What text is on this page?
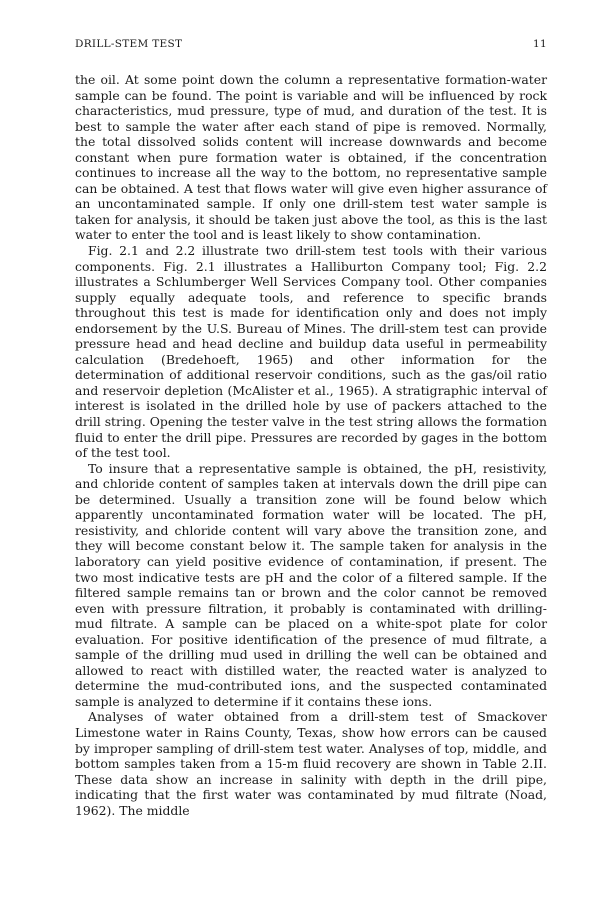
DRILL-STEM TEST	11

the oil. At some point down the column a representative formation-water sample can be found. The point is variable and will be influenced by rock characteristics, mud pressure, type of mud, and duration of the test. It is best to sample the water after each stand of pipe is removed. Normally, the total dissolved solids content will increase downwards and become constant when pure formation water is obtained, if the concentration continues to increase all the way to the bottom, no representative sample can be obtained. A test that flows water will give even higher assurance of an uncontaminated sample. If only one drill-stem test water sample is taken for analysis, it should be taken just above the tool, as this is the last water to enter the tool and is least likely to show contamination.

Fig. 2.1 and 2.2 illustrate two drill-stem test tools with their various components. Fig. 2.1 illustrates a Halliburton Company tool; Fig. 2.2 illustrates a Schlumberger Well Services Company tool. Other companies supply equally adequate tools, and reference to specific brands throughout this test is made for identification only and does not imply endorsement by the U.S. Bureau of Mines. The drill-stem test can provide pressure head and head decline and buildup data useful in permeability calculation (Bredehoeft, 1965) and other information for the determination of additional reservoir conditions, such as the gas/oil ratio and reservoir depletion (McAlister et al., 1965). A stratigraphic interval of interest is isolated in the drilled hole by use of packers attached to the drill string. Opening the tester valve in the test string allows the formation fluid to enter the drill pipe. Pressures are recorded by gages in the bottom of the test tool.

To insure that a representative sample is obtained, the pH, resistivity, and chloride content of samples taken at intervals down the drill pipe can be determined. Usually a transition zone will be found below which apparently uncontaminated formation water will be located. The pH, resistivity, and chloride content will vary above the transition zone, and they will become constant below it. The sample taken for analysis in the laboratory can yield positive evidence of contamination, if present. The two most indicative tests are pH and the color of a filtered sample. If the filtered sample remains tan or brown and the color cannot be removed even with pressure filtration, it probably is contaminated with drilling-mud filtrate. A sample can be placed on a white-spot plate for color evaluation. For positive identification of the presence of mud filtrate, a sample of the drilling mud used in drilling the well can be obtained and allowed to react with distilled water, the reacted water is analyzed to determine the mud-contributed ions, and the suspected contaminated sample is analyzed to determine if it contains these ions.

Analyses of water obtained from a drill-stem test of Smackover Limestone water in Rains County, Texas, show how errors can be caused by improper sampling of drill-stem test water. Analyses of top, middle, and bottom samples taken from a 15-m fluid recovery are shown in Table 2.II. These data show an increase in salinity with depth in the drill pipe, indicating that the first water was contaminated by mud filtrate (Noad, 1962). The middle
